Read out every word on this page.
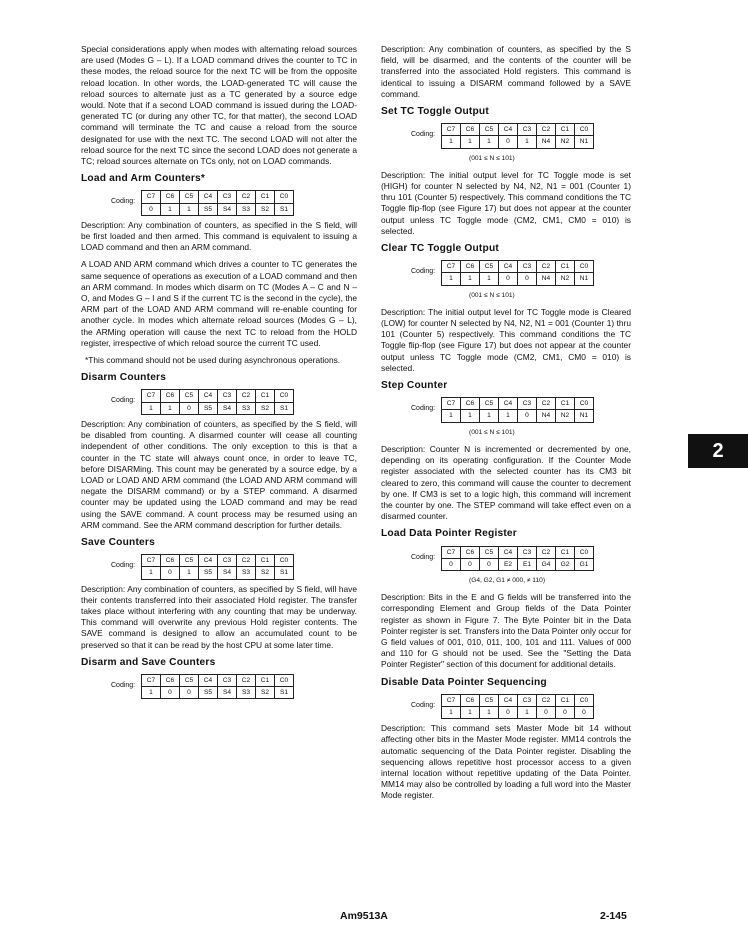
Special considerations apply when modes with alternating reload sources are used (Modes G – L). If a LOAD command drives the counter to TC in these modes, the reload source for the next TC will be from the opposite reload location. In other words, the LOAD-generated TC will cause the reload sources to alternate just as a TC generated by a source edge would. Note that if a second LOAD command is issued during the LOAD-generated TC (or during any other TC, for that matter), the second LOAD command will terminate the TC and cause a reload from the source designated for use with the next TC. The second LOAD will not alter the reload source for the next TC since the second LOAD does not generate a TC; reload sources alternate on TCs only, not on LOAD commands.

Load and Arm Counters*
Coding:
C7	C6	C5	C4	C3	C2	C1	C0
0	1	1	S5	S4	S3	S2	S1

Description: Any combination of counters, as specified in the S field, will be first loaded and then armed. This command is equivalent to issuing a LOAD command and then an ARM command.

A LOAD AND ARM command which drives a counter to TC generates the same sequence of operations as execution of a LOAD command and then an ARM command. In modes which disarm on TC (Modes A – C and N – O, and Modes G – I and S if the current TC is the second in the cycle), the ARM part of the LOAD AND ARM command will re-enable counting for another cycle. In modes which alternate reload sources (Modes G – L), the ARMing operation will cause the next TC to reload from the HOLD register, irrespective of which reload source the current TC used.

*This command should not be used during asynchronous operations.

Disarm Counters
Coding:
C7	C6	C5	C4	C3	C2	C1	C0
1	1	0	S5	S4	S3	S2	S1

Description: Any combination of counters, as specified by the S field, will be disabled from counting. A disarmed counter will cease all counting independent of other conditions. The only exception to this is that a counter in the TC state will always count once, in order to leave TC, before DISARMing. This count may be generated by a source edge, by a LOAD or LOAD AND ARM command (the LOAD AND ARM command will negate the DISARM command) or by a STEP command. A disarmed counter may be updated using the LOAD command and may be read using the SAVE command. A count process may be resumed using an ARM command. See the ARM command description for further details.

Save Counters
Coding:
C7	C6	C5	C4	C3	C2	C1	C0
1	0	1	S5	S4	S3	S2	S1

Description: Any combination of counters, as specified by S field, will have their contents transferred into their associated Hold register. The transfer takes place without interfering with any counting that may be underway. This command will overwrite any previous Hold register contents. The SAVE command is designed to allow an accumulated count to be preserved so that it can be read by the host CPU at some later time.

Disarm and Save Counters
Coding:
C7	C6	C5	C4	C3	C2	C1	C0
1	0	0	S5	S4	S3	S2	S1

Description: Any combination of counters, as specified by the S field, will be disarmed, and the contents of the counter will be transferred into the associated Hold registers. This command is identical to issuing a DISARM command followed by a SAVE command.

Set TC Toggle Output
Coding:
C7	C6	C5	C4	C3	C2	C1	C0
1	1	1	0	1	N4	N2	N1
(001 ≤ N ≤ 101)

Description: The initial output level for TC Toggle mode is set (HIGH) for counter N selected by N4, N2, N1 = 001 (Counter 1) thru 101 (Counter 5) respectively. This command conditions the TC Toggle flip-flop (see Figure 17) but does not appear at the counter output unless TC Toggle mode (CM2, CM1, CM0 = 010) is selected.

Clear TC Toggle Output
Coding:
C7	C6	C5	C4	C3	C2	C1	C0
1	1	1	0	0	N4	N2	N1
(001 ≤ N ≤ 101)

Description: The initial output level for TC Toggle mode is Cleared (LOW) for counter N selected by N4, N2, N1 = 001 (Counter 1) thru 101 (Counter 5) respectively. This command conditions the TC Toggle flip-flop (see Figure 17) but does not appear at the counter output unless TC Toggle mode (CM2, CM1, CM0 = 010) is selected.

Step Counter
Coding:
C7	C6	C5	C4	C3	C2	C1	C0
1	1	1	1	0	N4	N2	N1
(001 ≤ N ≤ 101)

Description: Counter N is incremented or decremented by one, depending on its operating configuration. If the Counter Mode register associated with the selected counter has its CM3 bit cleared to zero, this command will cause the counter to decrement by one. If CM3 is set to a logic high, this command will increment the counter by one. The STEP command will take effect even on a disarmed counter.

Load Data Pointer Register
Coding:
C7	C6	C5	C4	C3	C2	C1	C0
0	0	0	E2	E1	G4	G2	G1
(G4, G2, G1 ≠ 000, ≠ 110)

Description: Bits in the E and G fields will be transferred into the corresponding Element and Group fields of the Data Pointer register as shown in Figure 7. The Byte Pointer bit in the Data Pointer register is set. Transfers into the Data Pointer only occur for G field values of 001, 010, 011, 100, 101 and 111. Values of 000 and 110 for G should not be used. See the "Setting the Data Pointer Register" section of this document for additional details.

Disable Data Pointer Sequencing
Coding:
C7	C6	C5	C4	C3	C2	C1	C0
1	1	1	0	1	0	0	0

Description: This command sets Master Mode bit 14 without affecting other bits in the Master Mode register. MM14 controls the automatic sequencing of the Data Pointer register. Disabling the sequencing allows repetitive host processor access to a given internal location without repetitive updating of the Data Pointer. MM14 may also be controlled by loading a full word into the Master Mode register.

2
Am9513A	2-145
